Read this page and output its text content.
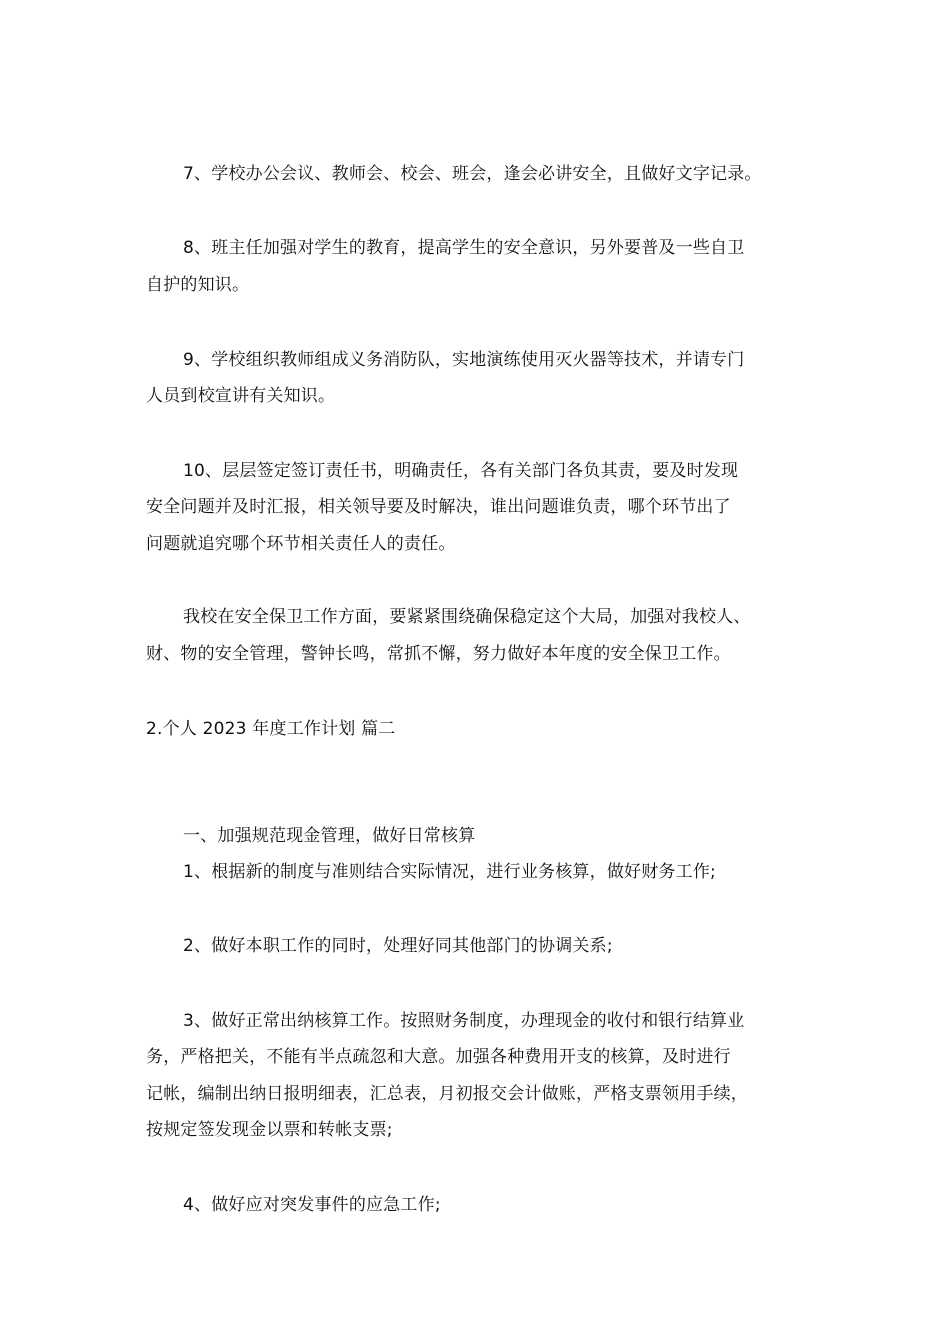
7、学校办公会议、教师会、校会、班会，逢会必讲安全，且做好文字记录。
8、班主任加强对学生的教育，提高学生的安全意识，另外要普及一些自卫
自护的知识。
9、学校组织教师组成义务消防队，实地演练使用灭火器等技术，并请专门
人员到校宣讲有关知识。
10、层层签定签订责任书，明确责任，各有关部门各负其责，要及时发现
安全问题并及时汇报，相关领导要及时解决，谁出问题谁负责，哪个环节出了
问题就追究哪个环节相关责任人的责任。
我校在安全保卫工作方面，要紧紧围绕确保稳定这个大局，加强对我校人、
财、物的安全管理，警钟长鸣，常抓不懈，努力做好本年度的安全保卫工作。
2.个人 2023 年度工作计划 篇二
一、加强规范现金管理，做好日常核算
1、根据新的制度与准则结合实际情况，进行业务核算，做好财务工作;
2、做好本职工作的同时，处理好同其他部门的协调关系;
3、做好正常出纳核算工作。按照财务制度，办理现金的收付和银行结算业
务，严格把关，不能有半点疏忽和大意。加强各种费用开支的核算，及时进行
记帐，编制出纳日报明细表，汇总表，月初报交会计做账，严格支票领用手续，
按规定签发现金以票和转帐支票;
4、做好应对突发事件的应急工作;
